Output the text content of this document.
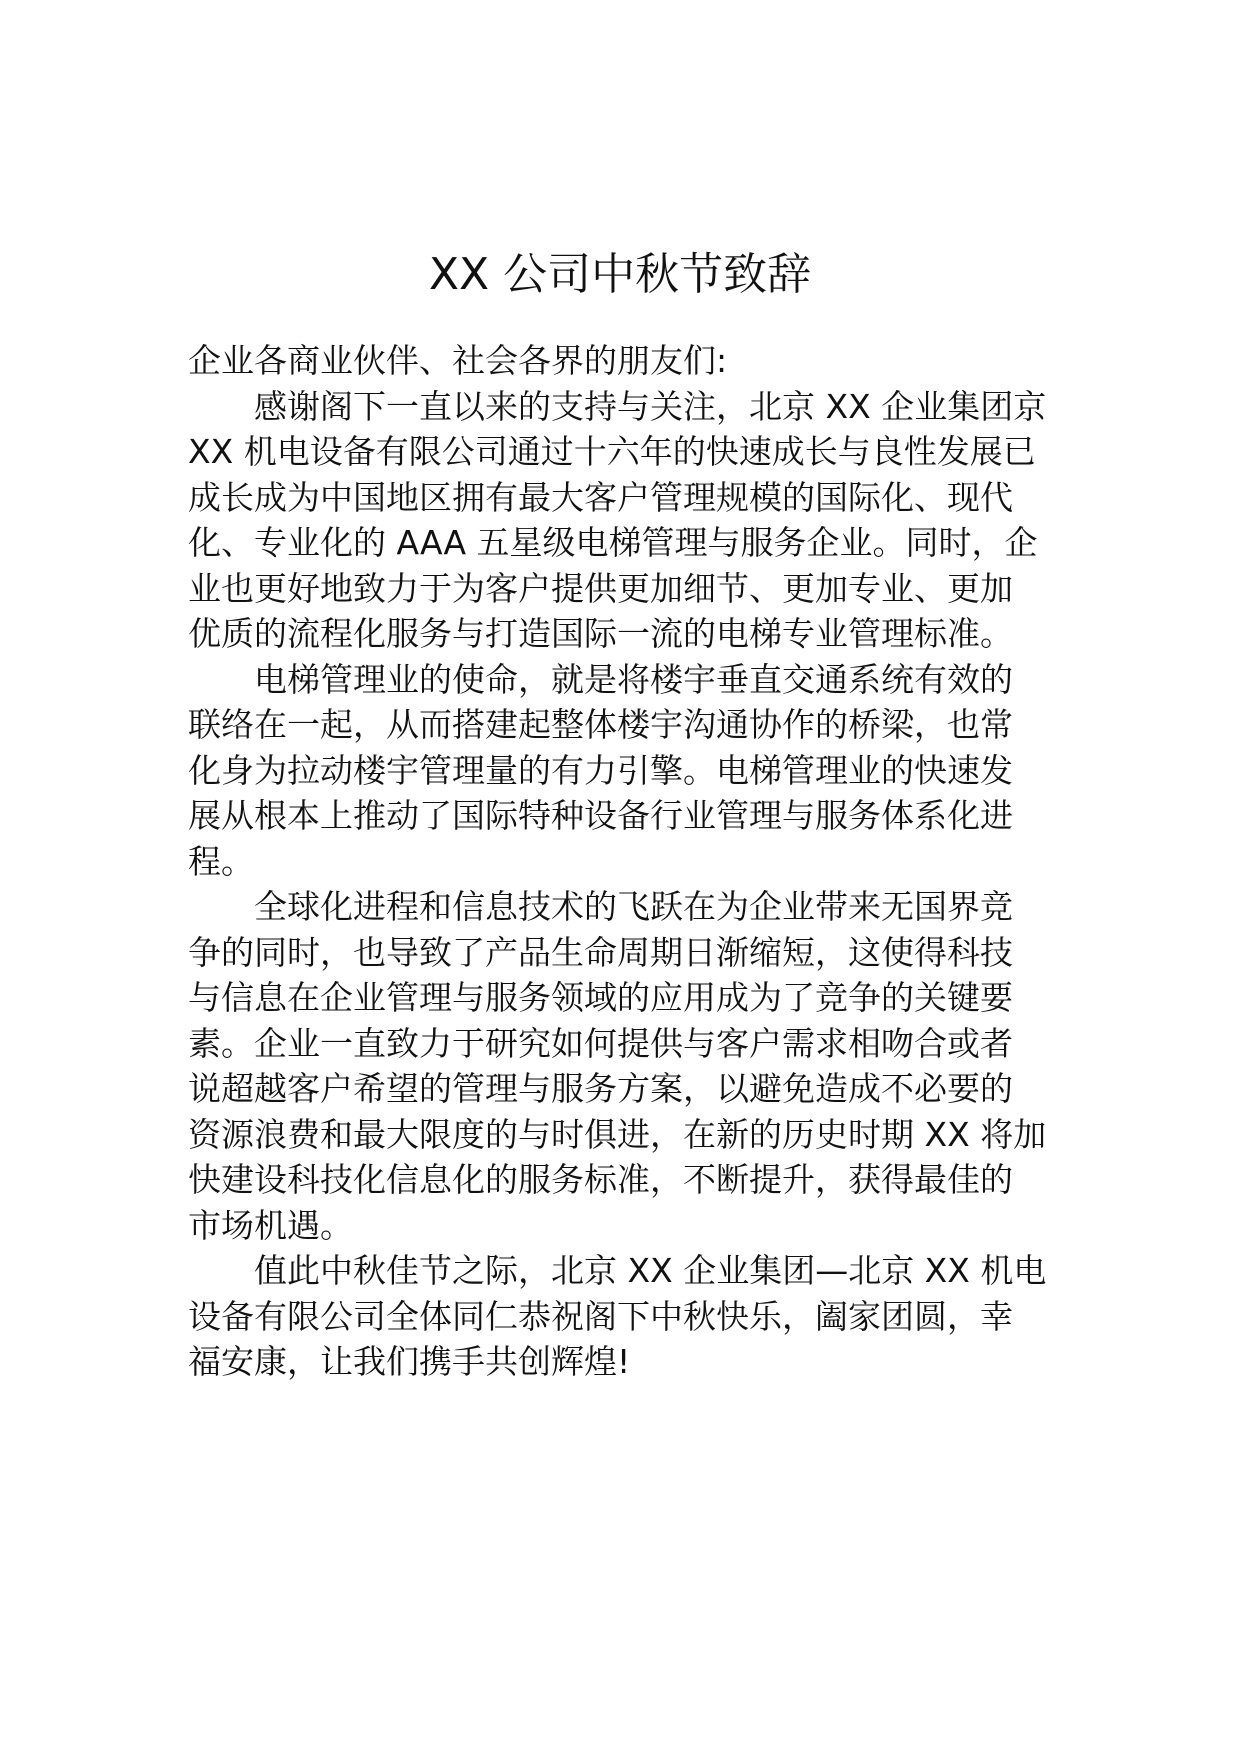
XX 公司中秋节致辞

企业各商业伙伴、社会各界的朋友们:

感谢阁下一直以来的支持与关注，北京 XX 企业集团京
XX 机电设备有限公司通过十六年的快速成长与良性发展已
成长成为中国地区拥有最大客户管理规模的国际化、现代
化、专业化的 AAA 五星级电梯管理与服务企业。同时，企
业也更好地致力于为客户提供更加细节、更加专业、更加
优质的流程化服务与打造国际一流的电梯专业管理标准。

电梯管理业的使命，就是将楼宇垂直交通系统有效的
联络在一起，从而搭建起整体楼宇沟通协作的桥梁，也常
化身为拉动楼宇管理量的有力引擎。电梯管理业的快速发
展从根本上推动了国际特种设备行业管理与服务体系化进
程。

全球化进程和信息技术的飞跃在为企业带来无国界竞
争的同时，也导致了产品生命周期日渐缩短，这使得科技
与信息在企业管理与服务领域的应用成为了竞争的关键要
素。企业一直致力于研究如何提供与客户需求相吻合或者
说超越客户希望的管理与服务方案，以避免造成不必要的
资源浪费和最大限度的与时俱进，在新的历史时期 XX 将加
快建设科技化信息化的服务标准，不断提升，获得最佳的
市场机遇。

值此中秋佳节之际，北京 XX 企业集团—北京 XX 机电
设备有限公司全体同仁恭祝阁下中秋快乐，阖家团圆，幸
福安康，让我们携手共创辉煌!
